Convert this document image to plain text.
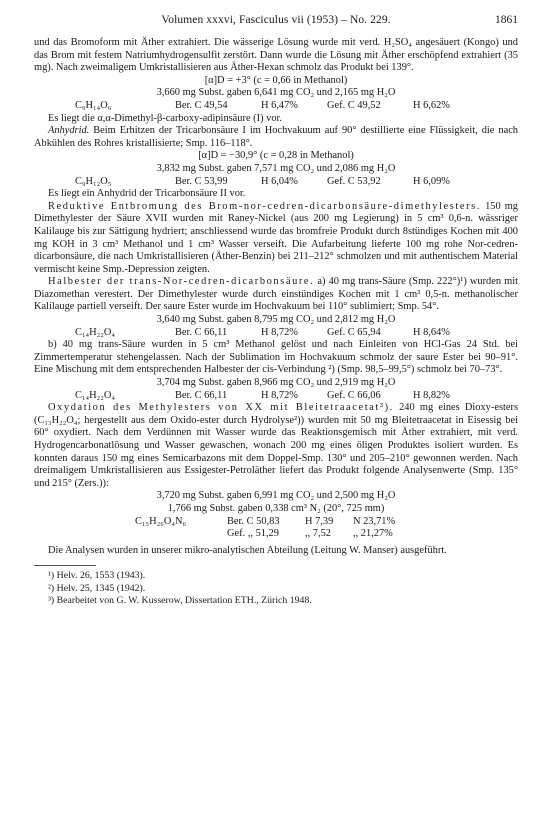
Volumen xxxvi, Fasciculus vii (1953) – No. 229.	1861

und das Bromoform mit Äther extrahiert. Die wässerige Lösung wurde mit verd. H₂SO₄ angesäuert (Kongo) und das Brom mit festem Natriumhydrogensulfit zerstört. Dann wurde die Lösung mit Äther erschöpfend extrahiert (35 mg). Nach zweimaligem Umkristallisieren aus Äther-Hexan schmolz das Produkt bei 139°.

[α]D = +3° (c = 0,66 in Methanol)

3,660 mg Subst. gaben 6,641 mg CO₂ und 2,165 mg H₂O

C₉H₁₄O₆	Ber. C 49,54	H 6,47%	Gef. C 49,52	H 6,62%

Es liegt die α,α-Dimethyl-β-carboxy-adipinsäure (I) vor.

Anhydrid. Beim Erhitzen der Tricarbonsäure I im Hochvakuum auf 90° destillierte eine Flüssigkeit, die nach Abkühlen des Rohres kristallisierte; Smp. 116–118°.

[α]D = −30,9° (c = 0,28 in Methanol)

3,832 mg Subst. gaben 7,571 mg CO₂ und 2,086 mg H₂O

C₉H₁₂O₅	Ber. C 53,99	H 6,04%	Gef. C 53,92	H 6,09%

Es liegt ein Anhydrid der Tricarbonsäure II vor.

Reduktive Entbromung des Brom-nor-cedren-dicarbonsäure-dimethylesters. 150 mg Dimethylester der Säure XVII wurden mit Raney-Nickel (aus 200 mg Legierung) in 5 cm³ 0,6-n. wässriger Kalilauge bis zur Sättigung hydriert; anschliessend wurde das bromfreie Produkt durch 8stündiges Kochen mit 400 mg KOH in 3 cm³ Methanol und 1 cm³ Wasser verseift. Die Aufarbeitung lieferte 100 mg rohe Nor-cedren-dicarbonsäure, die nach Umkristallisieren (Äther-Benzin) bei 211–212° schmolzen und mit authentischem Material vermischt keine Smp.-Depression zeigten.

Halbester der trans-Nor-cedren-dicarbonsäure. a) 40 mg trans-Säure (Smp. 222°)¹) wurden mit Diazomethan verestert. Der Dimethylester wurde durch einstündiges Kochen mit 1 cm³ 0,5-n. methanolischer Kalilauge partiell verseift. Der saure Ester wurde im Hochvakuum bei 110° sublimiert; Smp. 54°.

3,640 mg Subst. gaben 8,795 mg CO₂ und 2,812 mg H₂O

C₁₄H₂₂O₄	Ber. C 66,11	H 8,72%	Gef. C 65,94	H 8,64%

b) 40 mg trans-Säure wurden in 5 cm³ Methanol gelöst und nach Einleiten von HCl-Gas 24 Std. bei Zimmertemperatur stehengelassen. Nach der Sublimation im Hochvakuum schmolz der saure Ester bei 90–91°. Eine Mischung mit dem entsprechenden Halbester der cis-Verbindung ²) (Smp. 98,5–99,5°) schmolz bei 70–73°.

3,704 mg Subst. gaben 8,966 mg CO₂ und 2,919 mg H₂O

C₁₄H₂₂O₄	Ber. C 66,11	H 8,72%	Gef. C 66,06	H 8,82%

Oxydation des Methylesters von XX mit Bleitetraacetat³). 240 mg eines Dioxy-esters (C₁₃H₂₂O₄; hergestellt aus dem Oxido-ester durch Hydrolyse²)) wurden mit 50 mg Bleitetraacetat in Eisessig bei 60° oxydiert. Nach dem Verdünnen mit Wasser wurde das Reaktionsgemisch mit Äther extrahiert, mit verd. Hydrogencarbonatlösung und Wasser gewaschen, wonach 200 mg eines öligen Produktes isoliert wurden. Es konnten daraus 150 mg eines Semicarbazons mit dem Doppel-Smp. 130° und 205–210° gewonnen werden. Nach dreimaligem Umkristallisieren aus Essigester-Petroläther liefert das Produkt folgende Analysenwerte (Smp. 135° und 215° (Zers.)):

3,720 mg Subst. gaben 6,991 mg CO₂ und 2,500 mg H₂O

1,766 mg Subst. gaben 0,338 cm³ N₂ (20°, 725 mm)

C₁₅H₂₆O₄N₆	Ber. C 50,83	H 7,39	N 23,71%
Gef. ,, 51,29	,, 7,52	,, 21,27%

Die Analysen wurden in unserer mikro-analytischen Abteilung (Leitung W. Manser) ausgeführt.

¹) Helv. 26, 1553 (1943).

²) Helv. 25, 1345 (1942).

³) Bearbeitet von G. W. Kusserow, Dissertation ETH., Zürich 1948.
